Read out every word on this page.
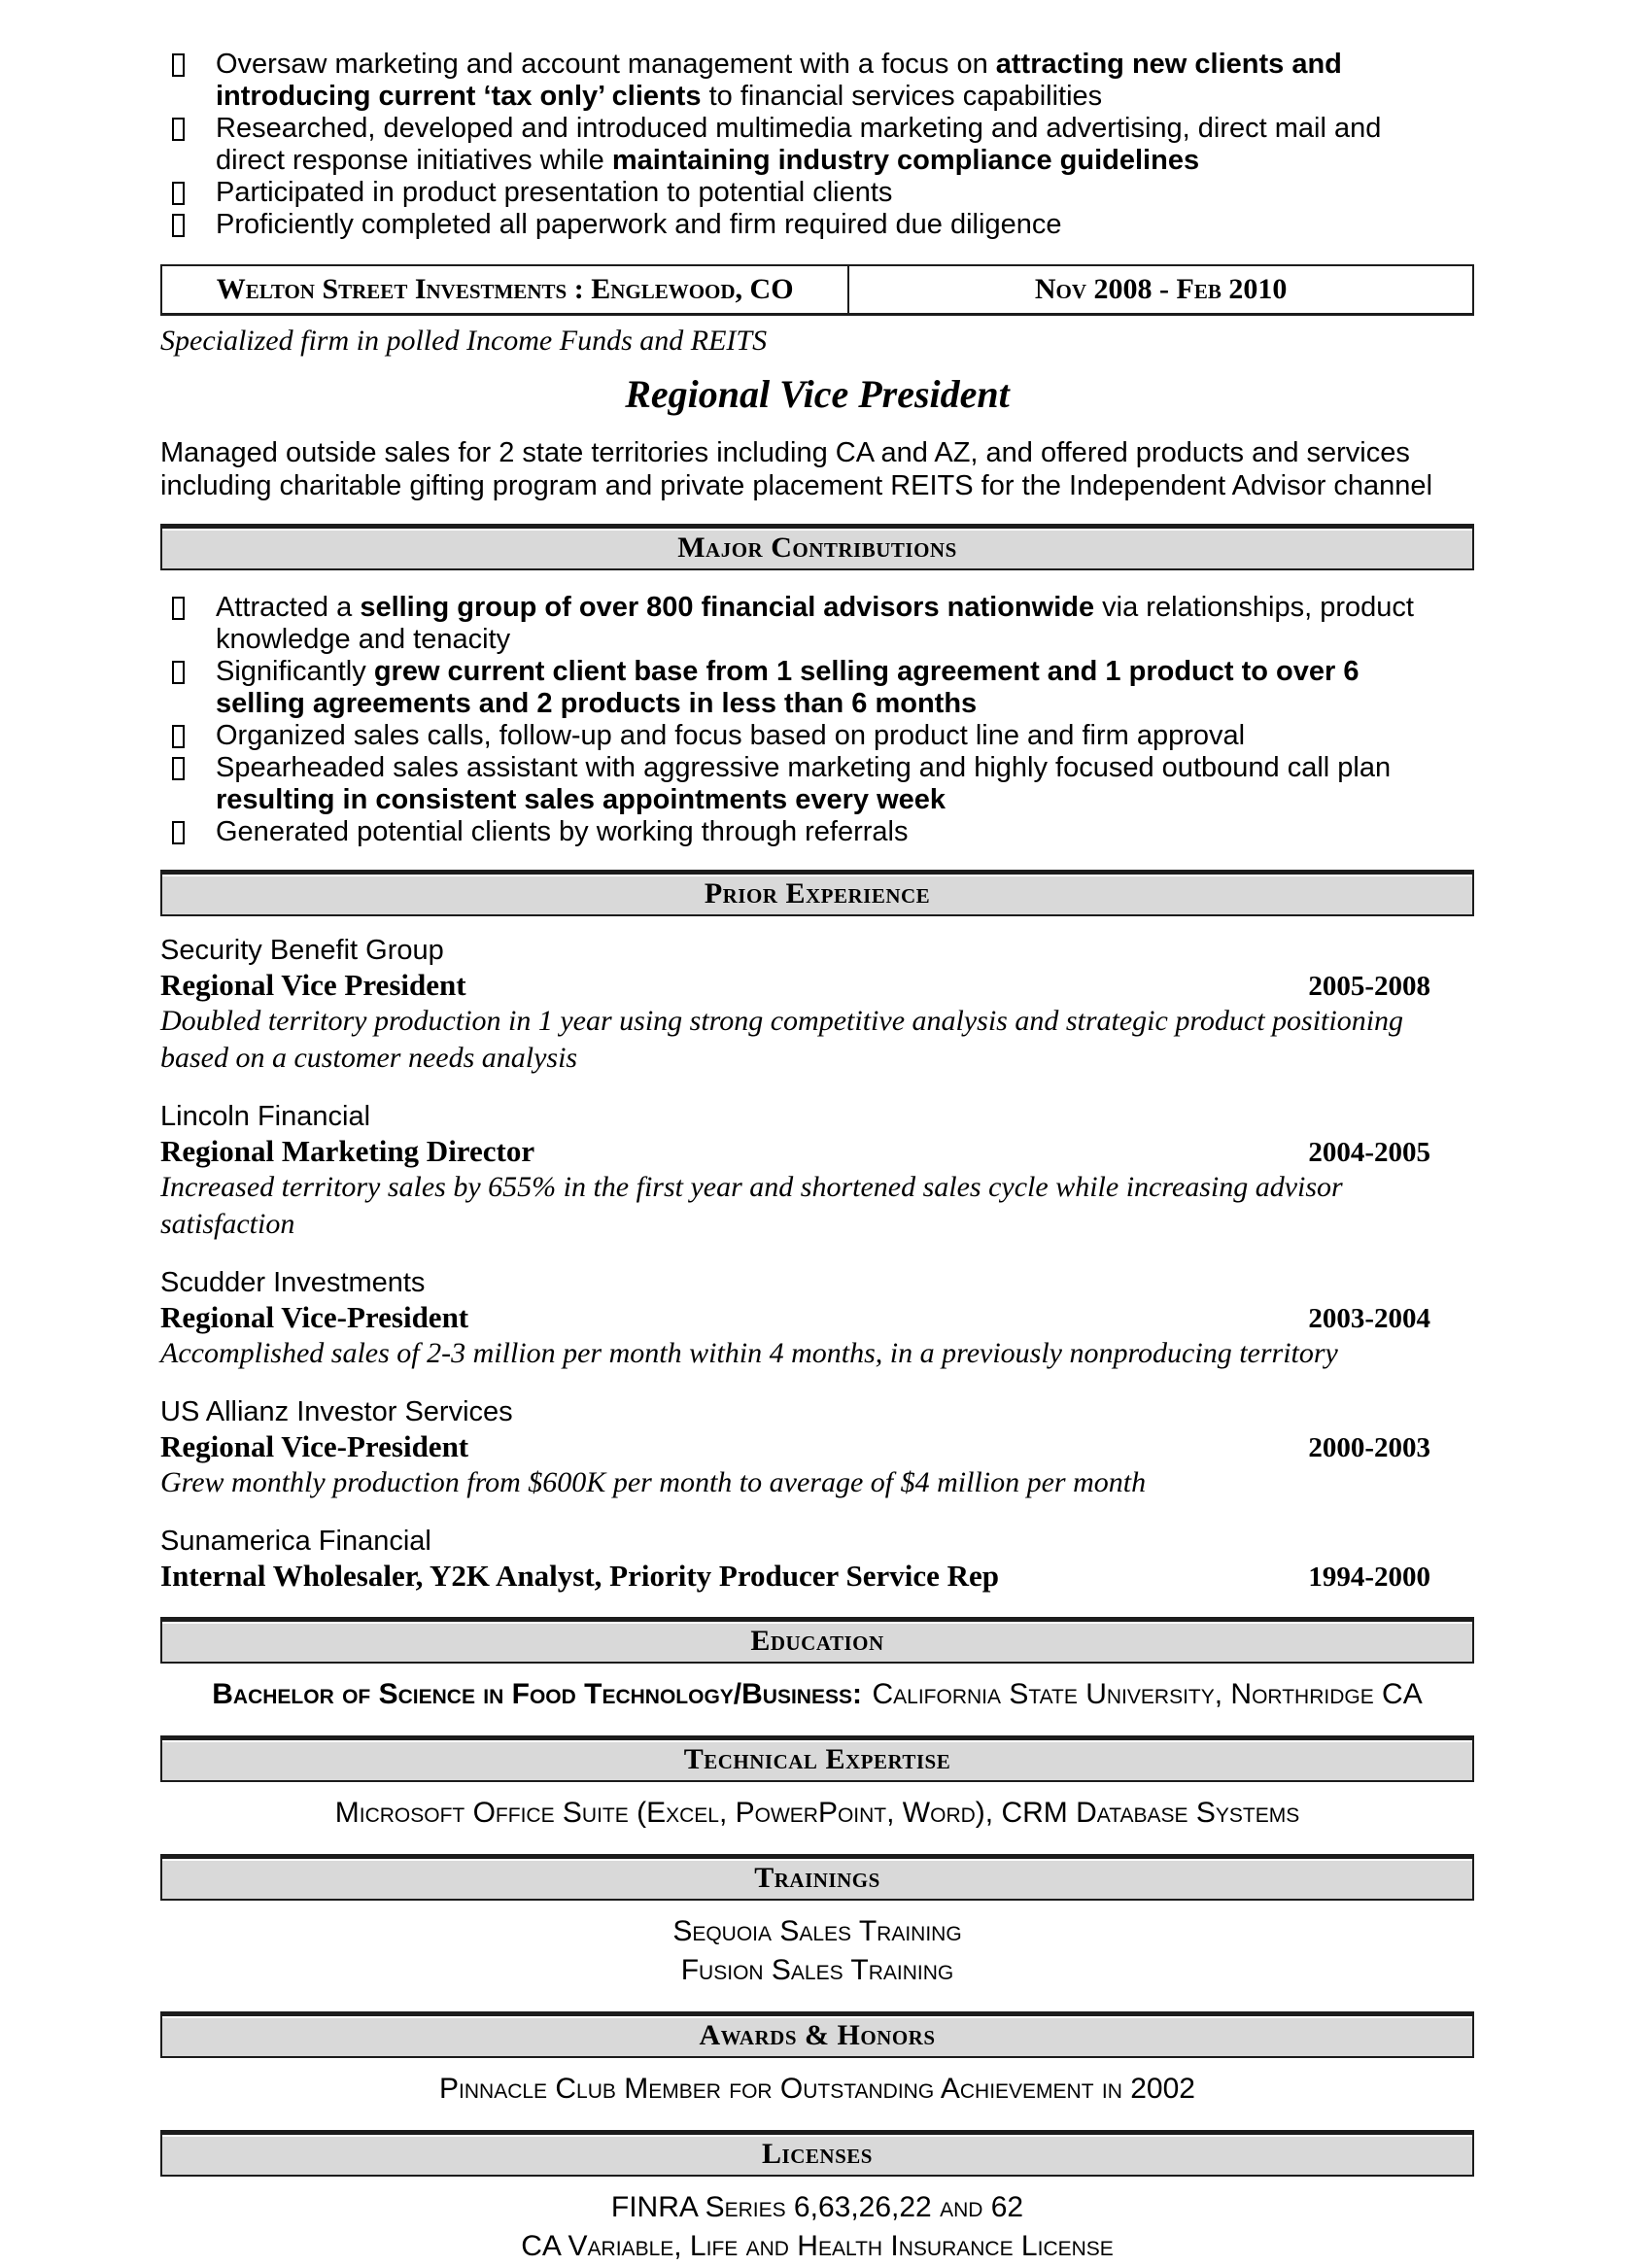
Oversaw marketing and account management with a focus on attracting new clients and introducing current ‘tax only’ clients to financial services capabilities
Researched, developed and introduced multimedia marketing and advertising, direct mail and direct response initiatives while maintaining industry compliance guidelines
Participated in product presentation to potential clients
Proficiently completed all paperwork and firm required due diligence
Welton Street Investments : Englewood, CO	Nov 2008 - Feb 2010
Specialized firm in polled Income Funds and REITS
Regional Vice President
Managed outside sales for 2 state territories including CA and AZ, and offered products and services including charitable gifting program and private placement REITS for the Independent Advisor channel
Major Contributions
Attracted a selling group of over 800 financial advisors nationwide via relationships, product knowledge and tenacity
Significantly grew current client base from 1 selling agreement and 1 product to over 6 selling agreements and 2 products in less than 6 months
Organized sales calls, follow-up and focus based on product line and firm approval
Spearheaded sales assistant with aggressive marketing and highly focused outbound call plan resulting in consistent sales appointments every week
Generated potential clients by working through referrals
Prior Experience
Security Benefit Group
Regional Vice President	2005-2008
Doubled territory production in 1 year using strong competitive analysis and strategic product positioning based on a customer needs analysis
Lincoln Financial
Regional Marketing Director	2004-2005
Increased territory sales by 655% in the first year and shortened sales cycle while increasing advisor satisfaction
Scudder Investments
Regional Vice-President	2003-2004
Accomplished sales of 2-3 million per month within 4 months, in a previously nonproducing territory
US Allianz Investor Services
Regional Vice-President	2000-2003
Grew monthly production from $600K per month to average of $4 million per month
Sunamerica Financial
Internal Wholesaler, Y2K Analyst, Priority Producer Service Rep	1994-2000
Education
Bachelor of Science in Food Technology/Business: California State University, Northridge CA
Technical Expertise
Microsoft Office Suite (Excel, PowerPoint, Word), CRM Database Systems
Trainings
Sequoia Sales Training
Fusion Sales Training
Awards & Honors
Pinnacle Club Member for Outstanding Achievement in 2002
Licenses
FINRA Series 6,63,26,22 and 62
CA Variable, Life and Health Insurance License
